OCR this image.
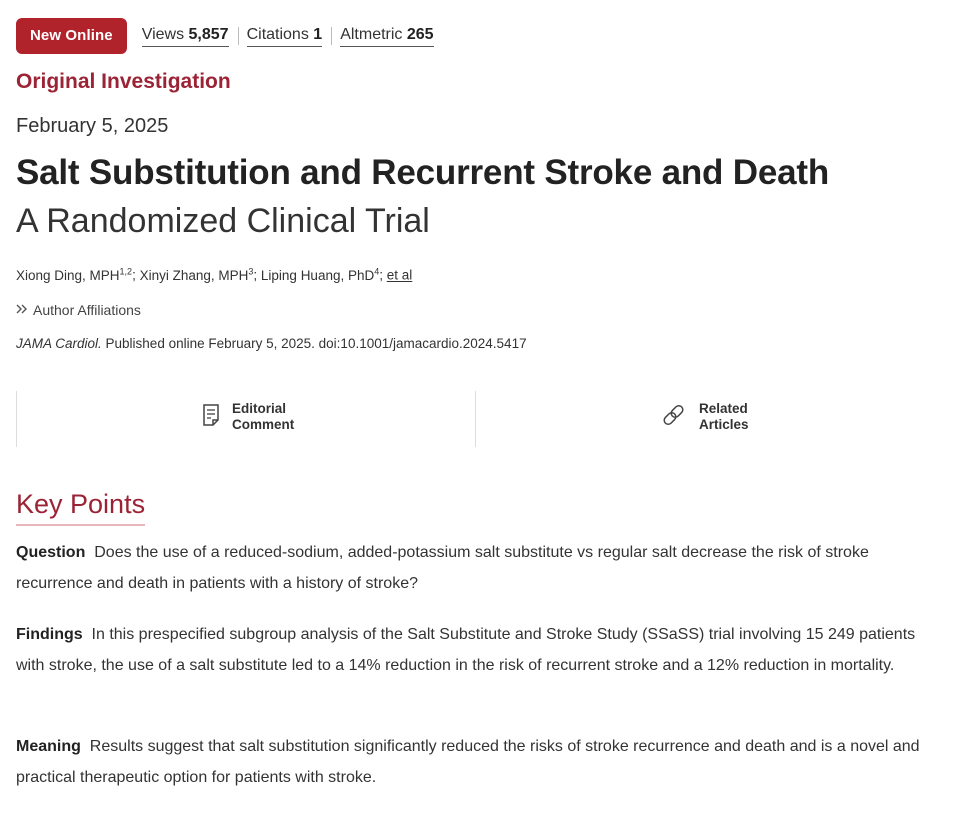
New Online	Views 5,857 Citations 1 Altmetric 265
Original Investigation
February 5, 2025
Salt Substitution and Recurrent Stroke and Death
A Randomized Clinical Trial
Xiong Ding, MPH$^{1,2}$; Xinyi Zhang, MPH$^3$; Liping Huang, PhD$^4$; et al
Author Affiliations
JAMA Cardiol. Published online February 5, 2025. doi:10.1001/jamacardio.2024.5417
Editorial
Comment
Related
Articles
Key Points
Question Does the use of a reduced-sodium, added-potassium salt substitute vs regular salt decrease the risk of stroke recurrence and death in patients with a history of stroke?
Findings In this prespecified subgroup analysis of the Salt Substitute and Stroke Study (SSaSS) trial involving 15 249 patients with stroke, the use of a salt substitute led to a 14% reduction in the risk of recurrent stroke and a 12% reduction in mortality.
Meaning Results suggest that salt substitution significantly reduced the risks of stroke recurrence and death and is a novel and practical therapeutic option for patients with stroke.
